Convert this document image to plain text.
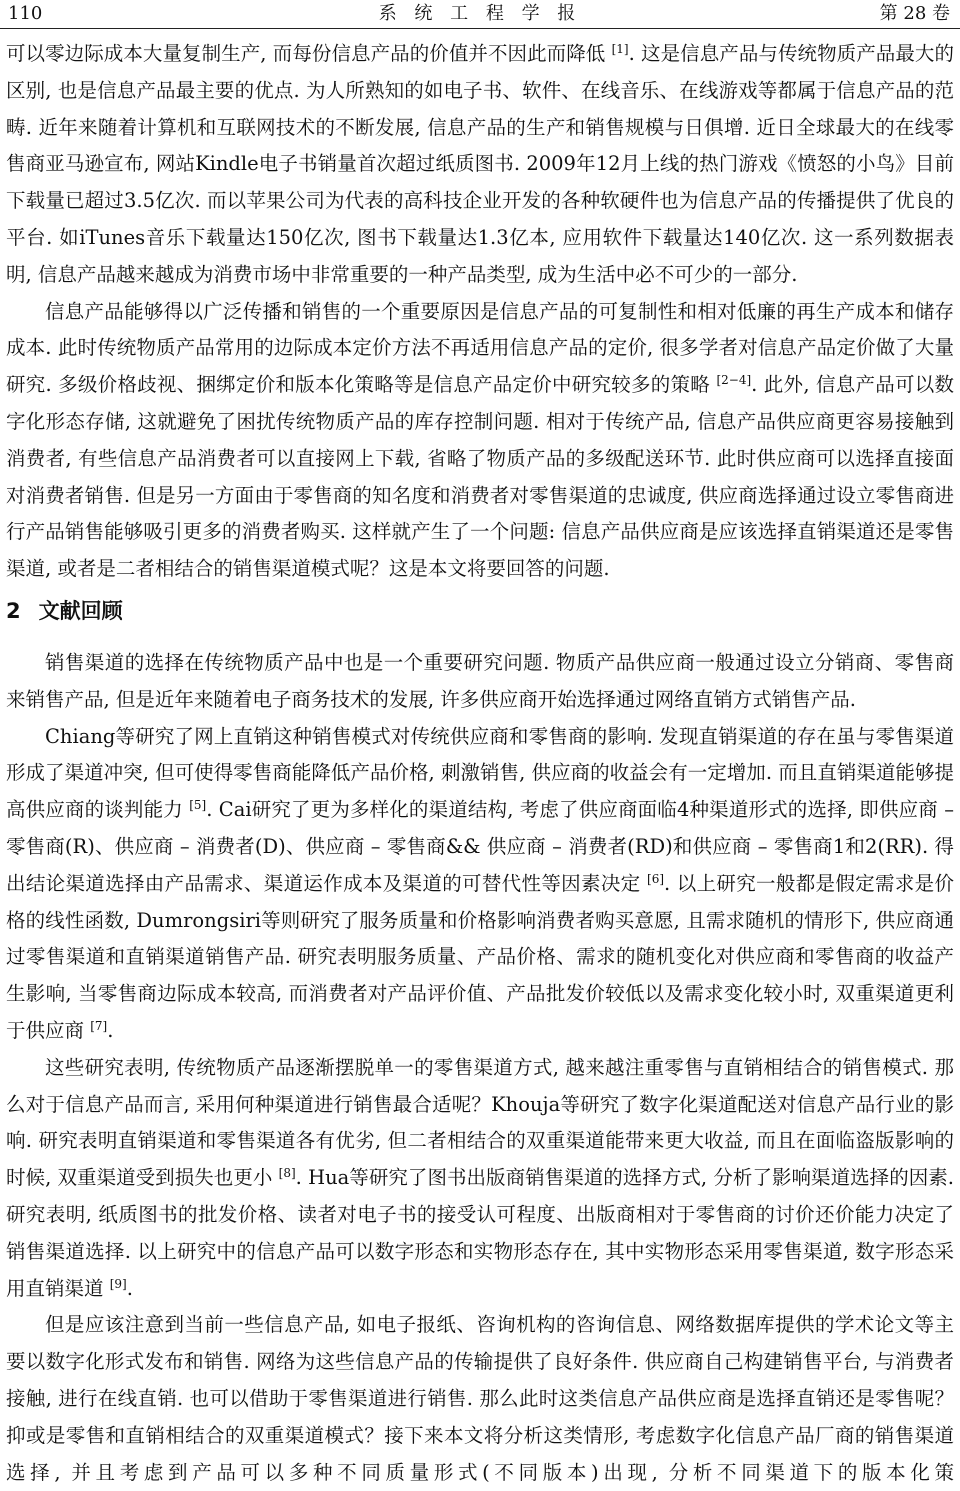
110	系 统 工 程 学 报	第 28 卷

可以零边际成本大量复制生产, 而每份信息产品的价值并不因此而降低 [1]. 这是信息产品与传统物质产品最大的区别, 也是信息产品最主要的优点. 为人所熟知的如电子书、软件、在线音乐、在线游戏等都属于信息产品的范畴. 近年来随着计算机和互联网技术的不断发展, 信息产品的生产和销售规模与日俱增. 近日全球最大的在线零售商亚马逊宣布, 网站Kindle电子书销量首次超过纸质图书. 2009年12月上线的热门游戏《愤怒的小鸟》目前下载量已超过3.5亿次. 而以苹果公司为代表的高科技企业开发的各种软硬件也为信息产品的传播提供了优良的平台. 如iTunes音乐下载量达150亿次, 图书下载量达1.3亿本, 应用软件下载量达140亿次. 这一系列数据表明, 信息产品越来越成为消费市场中非常重要的一种产品类型, 成为生活中必不可少的一部分.

信息产品能够得以广泛传播和销售的一个重要原因是信息产品的可复制性和相对低廉的再生产成本和储存成本. 此时传统物质产品常用的边际成本定价方法不再适用信息产品的定价, 很多学者对信息产品定价做了大量研究. 多级价格歧视、捆绑定价和版本化策略等是信息产品定价中研究较多的策略 [2−4]. 此外, 信息产品可以数字化形态存储, 这就避免了困扰传统物质产品的库存控制问题. 相对于传统产品, 信息产品供应商更容易接触到消费者, 有些信息产品消费者可以直接网上下载, 省略了物质产品的多级配送环节. 此时供应商可以选择直接面对消费者销售. 但是另一方面由于零售商的知名度和消费者对零售渠道的忠诚度, 供应商选择通过设立零售商进行产品销售能够吸引更多的消费者购买. 这样就产生了一个问题: 信息产品供应商是应该选择直销渠道还是零售渠道, 或者是二者相结合的销售渠道模式呢？这是本文将要回答的问题.

2 文献回顾

销售渠道的选择在传统物质产品中也是一个重要研究问题. 物质产品供应商一般通过设立分销商、零售商来销售产品, 但是近年来随着电子商务技术的发展, 许多供应商开始选择通过网络直销方式销售产品.

Chiang等研究了网上直销这种销售模式对传统供应商和零售商的影响. 发现直销渠道的存在虽与零售渠道形成了渠道冲突, 但可使得零售商能降低产品价格, 刺激销售, 供应商的收益会有一定增加. 而且直销渠道能够提高供应商的谈判能力 [5]. Cai研究了更为多样化的渠道结构, 考虑了供应商面临4种渠道形式的选择, 即供应商 – 零售商(R)、供应商 – 消费者(D)、供应商 – 零售商&& 供应商 – 消费者(RD)和供应商 – 零售商1和2(RR). 得出结论渠道选择由产品需求、渠道运作成本及渠道的可替代性等因素决定 [6]. 以上研究一般都是假定需求是价格的线性函数, Dumrongsiri等则研究了服务质量和价格影响消费者购买意愿, 且需求随机的情形下, 供应商通过零售渠道和直销渠道销售产品. 研究表明服务质量、产品价格、需求的随机变化对供应商和零售商的收益产生影响, 当零售商边际成本较高, 而消费者对产品评价值、产品批发价较低以及需求变化较小时, 双重渠道更利于供应商 [7].

这些研究表明, 传统物质产品逐渐摆脱单一的零售渠道方式, 越来越注重零售与直销相结合的销售模式. 那么对于信息产品而言, 采用何种渠道进行销售最合适呢？Khouja等研究了数字化渠道配送对信息产品行业的影响. 研究表明直销渠道和零售渠道各有优劣, 但二者相结合的双重渠道能带来更大收益, 而且在面临盗版影响的时候, 双重渠道受到损失也更小 [8]. Hua等研究了图书出版商销售渠道的选择方式, 分析了影响渠道选择的因素. 研究表明, 纸质图书的批发价格、读者对电子书的接受认可程度、出版商相对于零售商的讨价还价能力决定了销售渠道选择. 以上研究中的信息产品可以数字形态和实物形态存在, 其中实物形态采用零售渠道, 数字形态采用直销渠道 [9].

但是应该注意到当前一些信息产品, 如电子报纸、咨询机构的咨询信息、网络数据库提供的学术论文等主要以数字化形式发布和销售. 网络为这些信息产品的传输提供了良好条件. 供应商自己构建销售平台, 与消费者接触, 进行在线直销. 也可以借助于零售渠道进行销售. 那么此时这类信息产品供应商是选择直销还是零售呢？抑或是零售和直销相结合的双重渠道模式？接下来本文将分析这类情形, 考虑数字化信息产品厂商的销售渠道选择, 并且考虑到产品可以多种不同质量形式(不同版本)出现, 分析不同渠道下的版本化策
